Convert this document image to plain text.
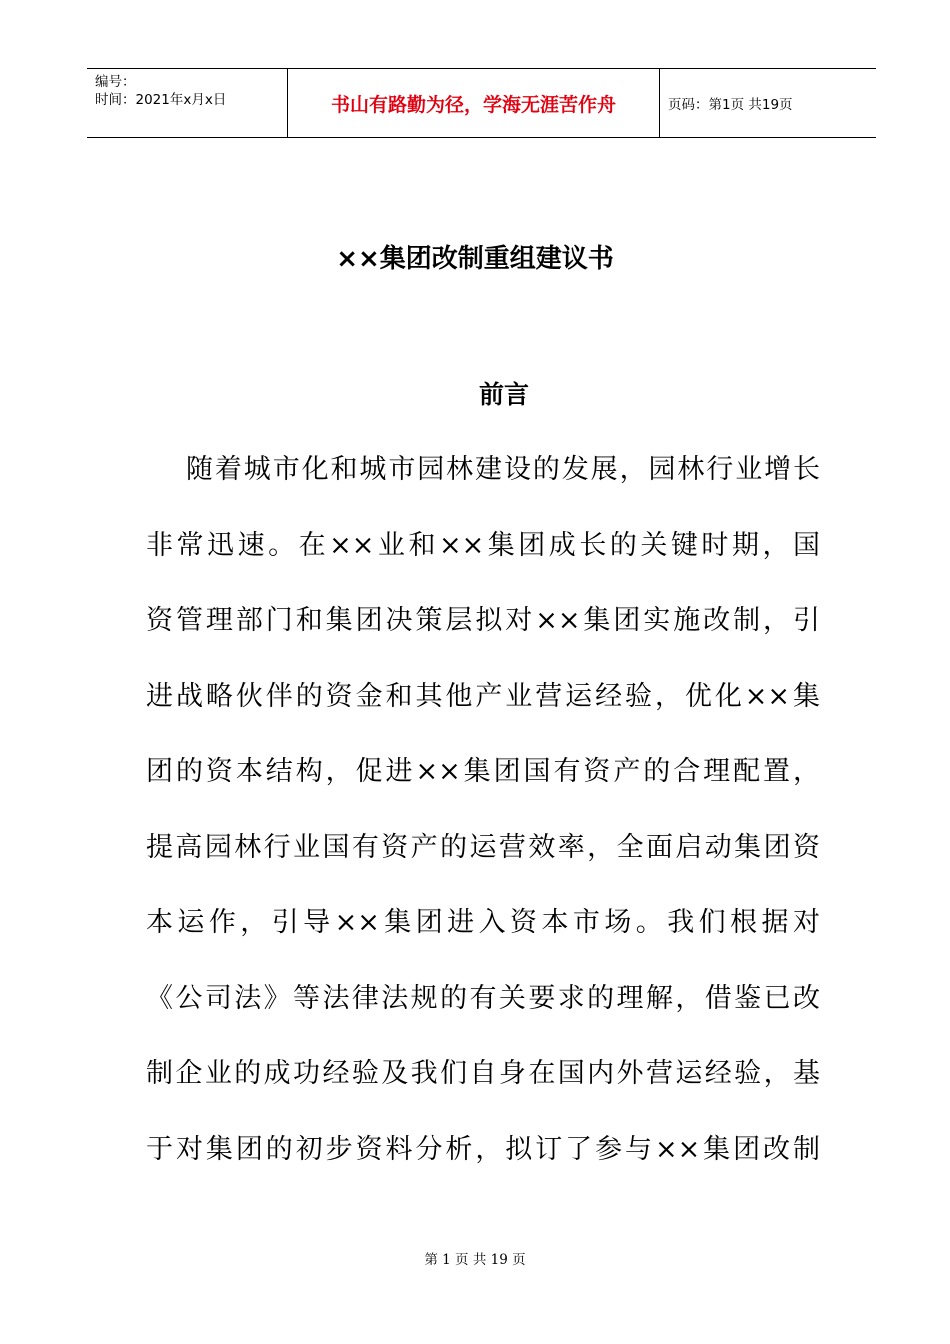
编号：
时间：2021年x月x日	书山有路勤为径，学海无涯苦作舟	页码：第1页 共19页
××集团改制重组建议书
前言
随着城市化和城市园林建设的发展，园林行业增长
非常迅速。在××业和××集团成长的关键时期，国
资管理部门和集团决策层拟对××集团实施改制，引
进战略伙伴的资金和其他产业营运经验，优化××集
团的资本结构，促进××集团国有资产的合理配置，
提高园林行业国有资产的运营效率，全面启动集团资
本运作，引导××集团进入资本市场。我们根据对
《公司法》等法律法规的有关要求的理解，借鉴已改
制企业的成功经验及我们自身在国内外营运经验，基
于对集团的初步资料分析，拟订了参与××集团改制
第 1 页 共 19 页
